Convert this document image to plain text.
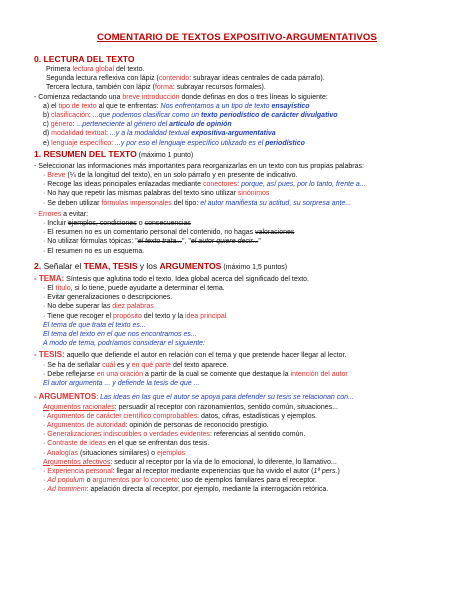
COMENTARIO DE TEXTOS EXPOSITIVO-ARGUMENTATIVOS
0. LECTURA DEL TEXTO
Primera lectura global del texto.
Segunda lectura reflexiva con lápiz (contenido: subrayar ideas centrales de cada párrafo).
Tercera lectura, también con lápiz (forma: subrayar recursos formales).
- Comienza redactando una breve introducción donde definas en dos o tres líneas lo siguiente:
a) el tipo de texto al que te enfrentas: Nos enfrentamos a un tipo de texto ensayístico
b) clasificación: ...que podemos clasificar como un texto periodístico de carácter divulgativo
c) género: ...perteneciente al género del artículo de opinión
d) modalidad textual: ...y a la modalidad textual expositiva-argumentativa
e) lenguaje específico: ...y por eso el lenguaje específico utilizado es el periodístico
1. RESUMEN DEL TEXTO (máximo 1 punto)
- Seleccionar las informaciones más importantes para reorganizarlas en un texto con tus propias palabras:
· Breve (¼ de la longitud del texto), en un solo párrafo y en presente de indicativo.
· Recoge las ideas principales enlazadas mediante conectores: porque, así pues, por lo tanto, frente a...
· No hay que repetir las mismas palabras del texto sino utilizar sinónimos
· Se deben utilizar fórmulas impersonales del tipo: el autor manifiesta su actitud, su sorpresa ante...
- Errores a evitar:
· Incluir ejemplos, condiciones o consecuencias
· El resumen no es un comentario personal del contenido, no hagas valoraciones
· No utilizar fórmulas tópicas: "el texto trata...", "el autor quiere decir..."
· El resumen no es un esquema.
2. Señalar el TEMA, TESIS y los ARGUMENTOS (máximo 1,5 puntos)
- TEMA: Síntesis que aglutina todo el texto. Idea global acerca del significado del texto.
· El título, si lo tiene, puede ayudarte a determinar el tema.
· Evitar generalizaciones o descripciones.
· No debe superar las diez palabras
· Tiene que recoger el propósito del texto y la idea principal
El tema de que trata el texto es...
El tema del texto en el que nos encontramos es...
A modo de tema, podríamos considerar el siguiente:
- TESIS: aquello que defiende el autor en relación con el tema y que pretende hacer llegar al lector.
· Se ha de señalar cuál es y en qué parte del texto aparece.
· Debe reflejarse en una oración a partir de la cual se comente que destaque la intención del autor
El autor argumenta ... y defiende la tesis de que ...
- ARGUMENTOS: Las ideas en las que el autor se apoya para defender su tesis se relacionan con...
Argumentos racionales: persuadir al receptor con razonamientos, sentido común, situaciones...
· Argumentos de carácter científico comprobables: datos, cifras, estadísticas y ejemplos.
· Argumentos de autoridad: opinión de personas de reconocido prestigio.
· Generalizaciones indiscutibles o verdades evidentes: referencias al sentido común.
· Contraste de ideas en el que se enfrentan dos tesis.
· Analogías (situaciones similares) o ejemplos
Argumentos afectivos: seducir al receptor por la vía de lo emocional, lo diferente, lo llamativo...
· Experiencia personal: llegar al receptor mediante experiencias que ha vivido el autor (1ª pers.)
· Ad populum o argumentos por lo concreto: uso de ejemplos familiares para el receptor.
· Ad hominem: apelación directa al receptor, por ejemplo, mediante la interrogación retórica.
